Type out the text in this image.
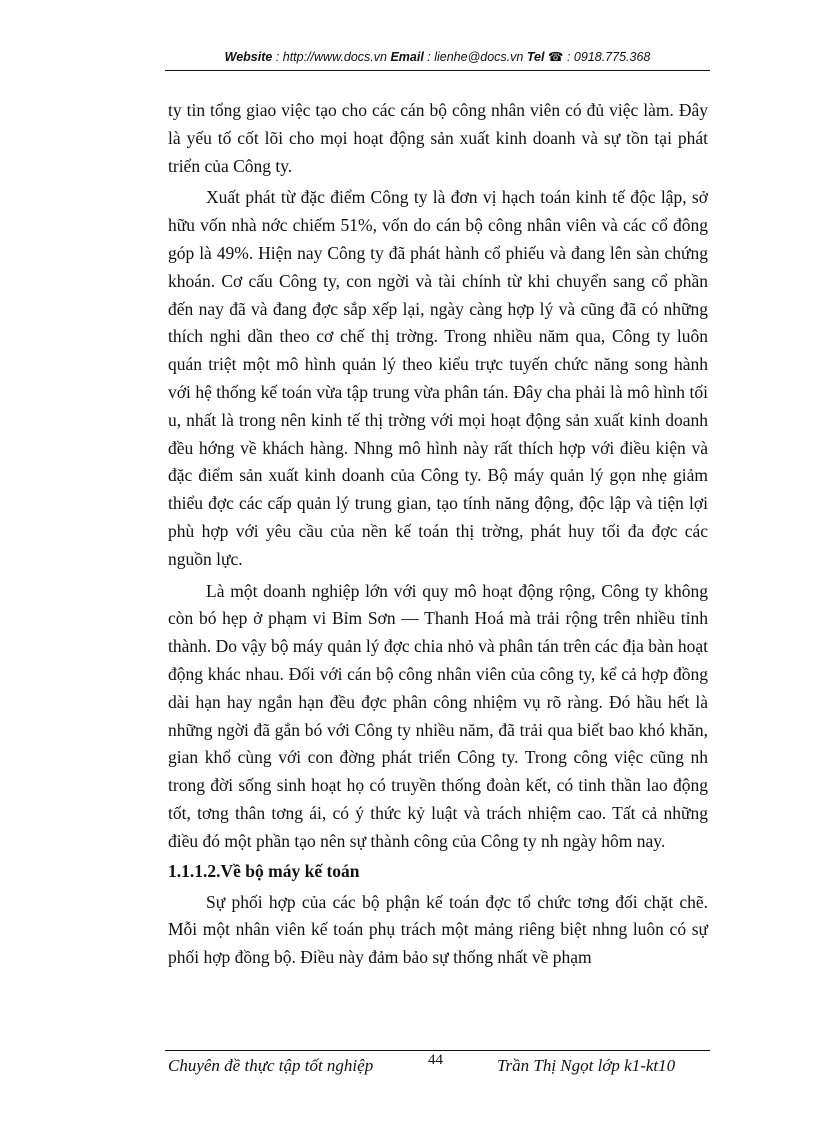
Website : http://www.docs.vn Email : lienhe@docs.vn Tel ☎ : 0918.775.368

ty tin tổng giao việc tạo cho các cán bộ công nhân viên có đủ việc làm. Đây là yếu tố cốt lõi cho mọi hoạt động sản xuất kinh doanh và sự tồn tại phát triển của Công ty.

Xuất phát từ đặc điểm Công ty là đơn vị hạch toán kinh tế độc lập, sở hữu vốn nhà nớc chiếm 51%, vốn do cán bộ công nhân viên và các cổ đông góp là 49%. Hiện nay Công ty đã phát hành cổ phiếu và đang lên sàn chứng khoán. Cơ cấu Công ty, con ngời và tài chính từ khi chuyển sang cổ phần đến nay đã và đang đợc sắp xếp lại, ngày càng hợp lý và cũng đã có những thích nghi dần theo cơ chế thị trờng. Trong nhiều năm qua, Công ty luôn quán triệt một mô hình quản lý theo kiểu trực tuyến chức năng song hành với hệ thống kế toán vừa tập trung vừa phân tán. Đây cha phải là mô hình tối u, nhất là trong nên kinh tế thị trờng với mọi hoạt động sản xuất kinh doanh đều hớng về khách hàng. Nhng mô hình này rất thích hợp với điều kiện và đặc điểm sản xuất kinh doanh của Công ty. Bộ máy quản lý gọn nhẹ giảm thiểu đợc các cấp quản lý trung gian, tạo tính năng động, độc lập và tiện lợi phù hợp với yêu cầu của nền kế toán thị trờng, phát huy tối đa đợc các nguồn lực.

Là một doanh nghiệp lớn với quy mô hoạt động rộng, Công ty không còn bó hẹp ở phạm vi Bỉm Sơn — Thanh Hoá mà trải rộng trên nhiều tỉnh thành. Do vậy bộ máy quản lý đợc chia nhỏ và phân tán trên các địa bàn hoạt động khác nhau. Đối với cán bộ công nhân viên của công ty, kể cả hợp đồng dài hạn hay ngắn hạn đều đợc phân công nhiệm vụ rõ ràng. Đó hầu hết là những ngời đã gắn bó với Công ty nhiều năm, đã trải qua biết bao khó khăn, gian khổ cùng với con đờng phát triển Công ty. Trong công việc cũng nh trong đời sống sinh hoạt họ có truyền thống đoàn kết, có tinh thần lao động tốt, tơng thân tơng ái, có ý thức kỷ luật và trách nhiệm cao. Tất cả những điều đó một phần tạo nên sự thành công của Công ty nh ngày hôm nay.

1.1.1.2.Về bộ máy kế toán

Sự phối hợp của các bộ phận kế toán đợc tổ chức tơng đối chặt chẽ. Mỗi một nhân viên kế toán phụ trách một mảng riêng biệt nhng luôn có sự phối hợp đồng bộ. Điều này đảm bảo sự thống nhất về phạm

Chuyên đề thực tập tốt nghiệp	44	Trần Thị Ngọt lớp k1-kt10
